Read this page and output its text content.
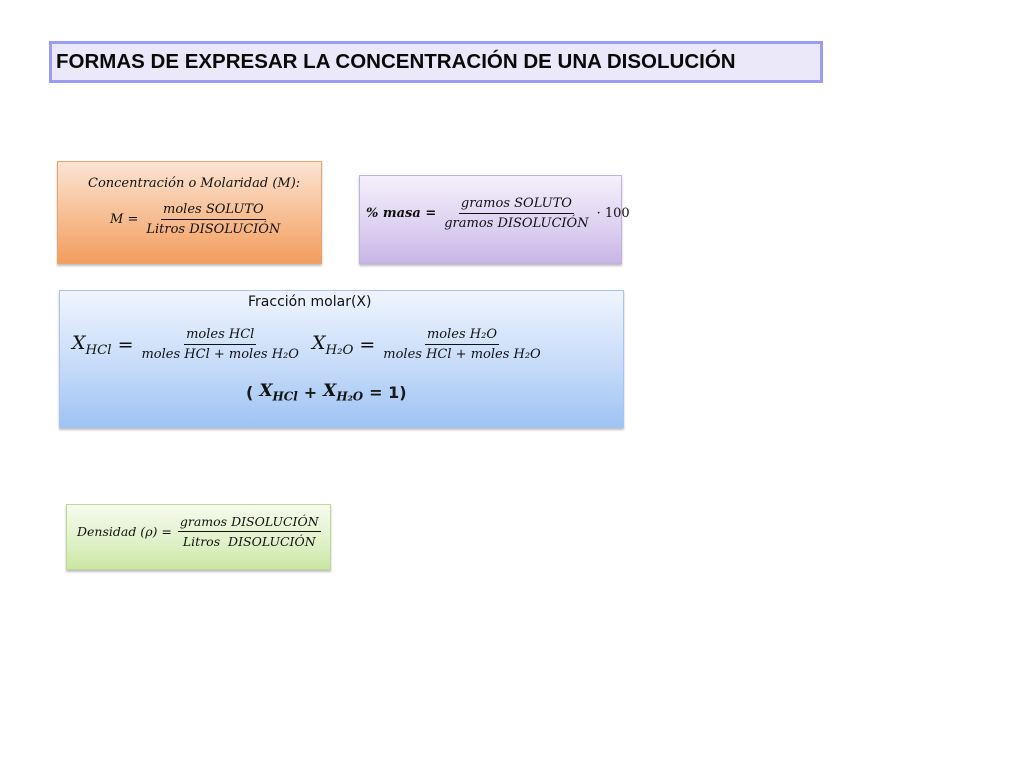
FORMAS DE EXPRESAR LA CONCENTRACIÓN DE UNA DISOLUCIÓN
Concentración o Molaridad (M):
$M = \frac{\text{moles SOLUTO}}{\text{Litros DISOLUCIÓN}}$	% masa = $\frac{\text{gramos SOLUTO}}{\text{gramos DISOLUCIÓN}} \cdot 100$
Fracción molar(X)
$X_{HCl} = \frac{\text{moles HCl}}{\text{moles HCl + moles H₂O}} X_{H_2O} = \frac{\text{moles H₂O}}{\text{moles HCl + moles H₂O}}$
( $X_{HCl} + X_{H_2O} = 1$)
Densidad $(\rho) = \frac{\text{gramos DISOLUCIÓN}}{\text{Litros  DISOLUCIÓN}}$
